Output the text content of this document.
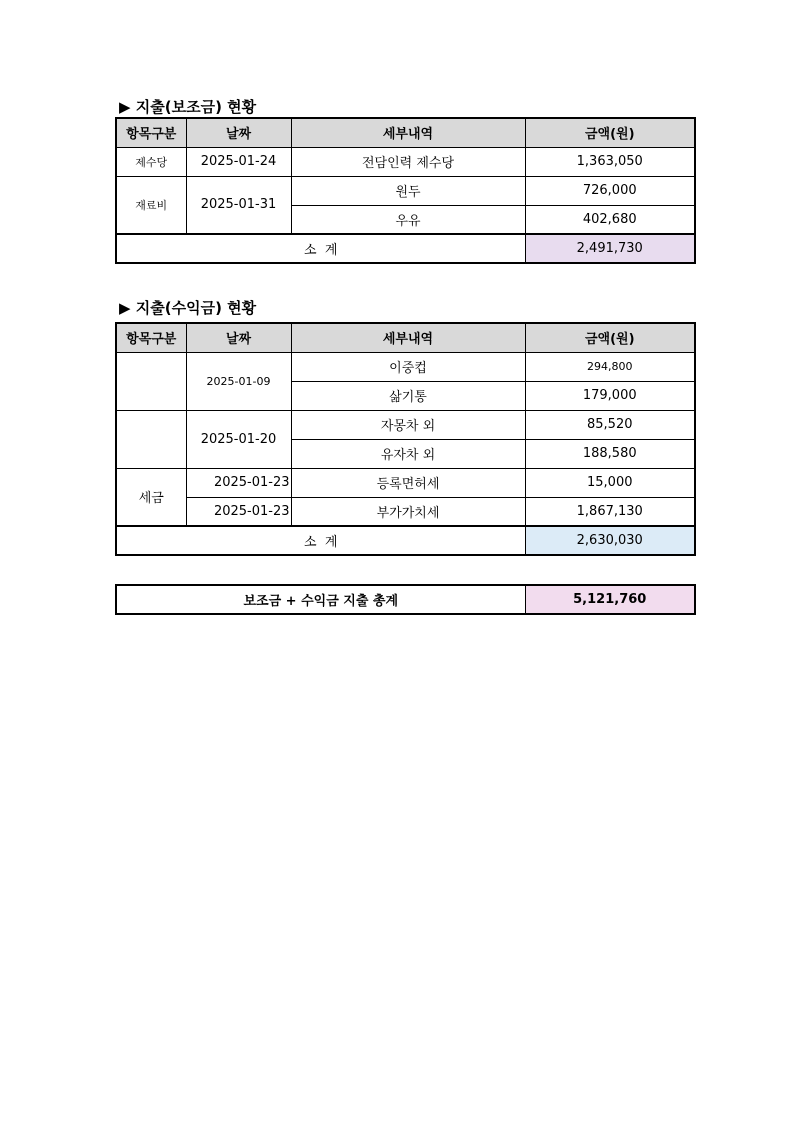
▶ 지출(보조금) 현황
항목구분	날짜	세부내역	금액(원)
제수당	2025-01-24	전담인력 제수당	1,363,050
재료비	2025-01-31	원두	726,000
		우유	402,680
소  계			2,491,730
▶ 지출(수익금) 현황
항목구분	날짜	세부내역	금액(원)
	2025-01-09	이중컵	294,800
		삶기통	179,000
	2025-01-20	자몽차 외	85,520
		유자차 외	188,580
세금	2025-01-23	등록면허세	15,000
	2025-01-23	부가가치세	1,867,130
소  계			2,630,030
보조금 + 수익금 지출 총계	5,121,760
